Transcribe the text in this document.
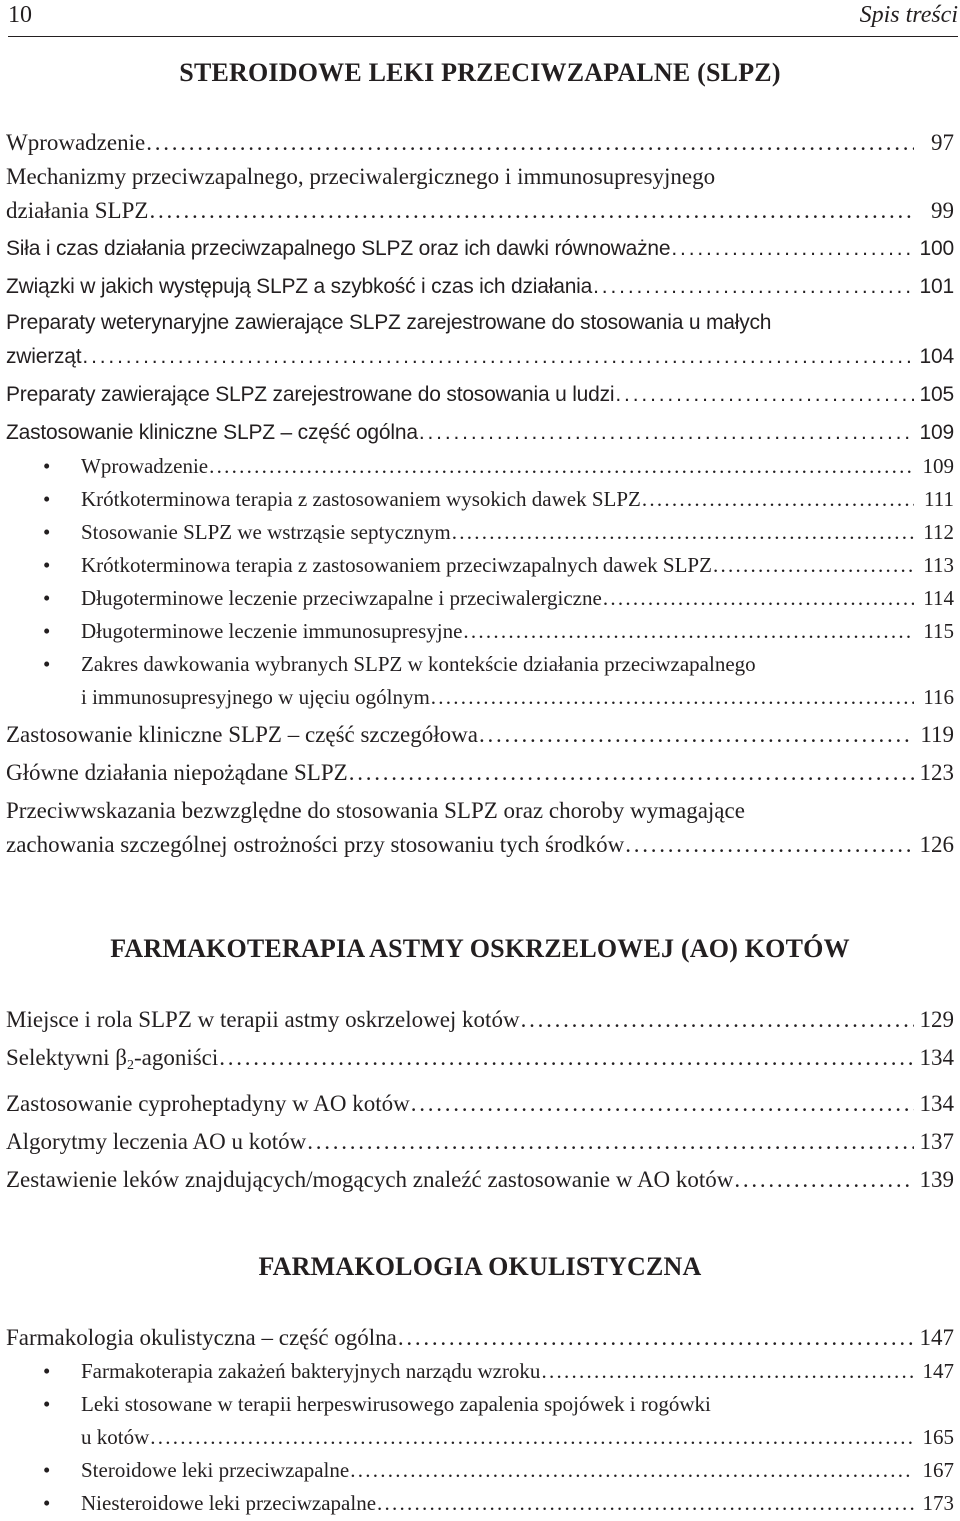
10	Spis treści
STEROIDOWE LEKI PRZECIWZAPALNE (SLPZ)
Wprowadzenie . . .	97
Mechanizmy przeciwzapalnego, przeciwalergicznego i immunosupresyjnego
działania SLPZ . . .	99
Siła i czas działania przeciwzapalnego SLPZ oraz ich dawki równoważne . . .	100
Związki w jakich występują SLPZ a szybkość i czas ich działania . . .	101
Preparaty weterynaryjne zawierające SLPZ zarejestrowane do stosowania u małych
zwierząt . . .	104
Preparaty zawierające SLPZ zarejestrowane do stosowania u ludzi . . .	105
Zastosowanie kliniczne SLPZ – część ogólna . . .	109
• Wprowadzenie . . .	109
• Krótkoterminowa terapia z zastosowaniem wysokich dawek SLPZ . . .	111
• Stosowanie SLPZ we wstrząsie septycznym . . .	112
• Krótkoterminowa terapia z zastosowaniem przeciwzapalnych dawek SLPZ . . .	113
• Długoterminowe leczenie przeciwzapalne i przeciwalergiczne . . .	114
• Długoterminowe leczenie immunosupresyjne . . .	115
• Zakres dawkowania wybranych SLPZ w kontekście działania przeciwzapalnego
i immunosupresyjnego w ujęciu ogólnym . . .	116
Zastosowanie kliniczne SLPZ – część szczegółowa . . .	119
Główne działania niepożądane SLPZ . . .	123
Przeciwwskazania bezwzględne do stosowania SLPZ oraz choroby wymagające
zachowania szczególnej ostrożności przy stosowaniu tych środków . . .	126
FARMAKOTERAPIA ASTMY OSKRZELOWEJ (AO) KOTÓW
Miejsce i rola SLPZ w terapii astmy oskrzelowej kotów . . .	129
Selektywni $\beta_2$-agoniści . . .	134
Zastosowanie cyproheptadyny w AO kotów . . .	134
Algorytmy leczenia AO u kotów . . .	137
Zestawienie leków znajdujących/mogących znaleźć zastosowanie w AO kotów . . .	139
FARMAKOLOGIA OKULISTYCZNA
Farmakologia okulistyczna – część ogólna . . .	147
• Farmakoterapia zakażeń bakteryjnych narządu wzroku . . .	147
• Leki stosowane w terapii herpeswirusowego zapalenia spojówek i rogówki
u kotów . . .	165
• Steroidowe leki przeciwzapalne . . .	167
• Niesteroidowe leki przeciwzapalne . . .	173
